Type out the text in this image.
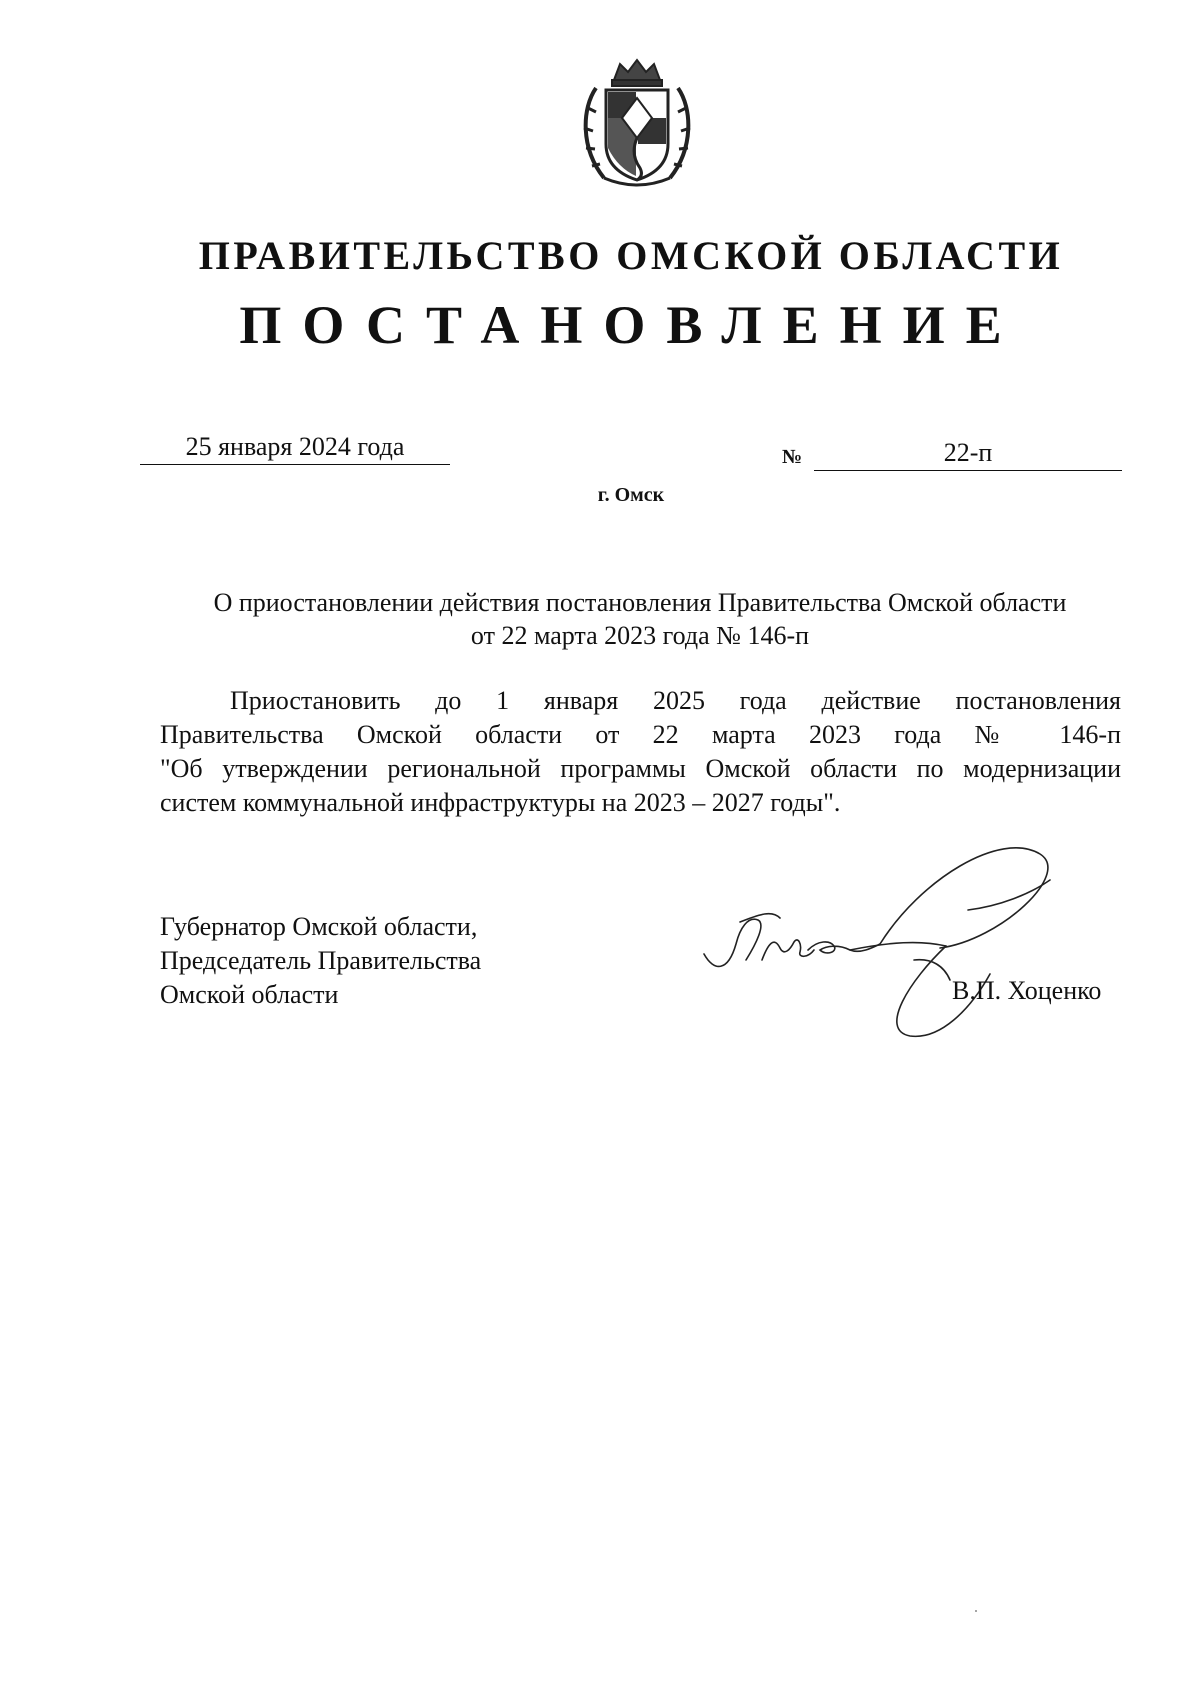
ПРАВИТЕЛЬСТВО ОМСКОЙ ОБЛАСТИ
ПОСТАНОВЛЕНИЕ
25 января 2024 года	№	22-п
г. Омск
О приостановлении действия постановления Правительства Омской области
от 22 марта 2023 года № 146-п
Приостановить до 1 января 2025 года действие постановления
Правительства Омской области от 22 марта 2023 года № 146-п
"Об утверждении региональной программы Омской области по модернизации
систем коммунальной инфраструктуры на 2023 – 2027 годы".
Губернатор Омской области,
Председатель Правительства
Омской области	В.П. Хоценко
